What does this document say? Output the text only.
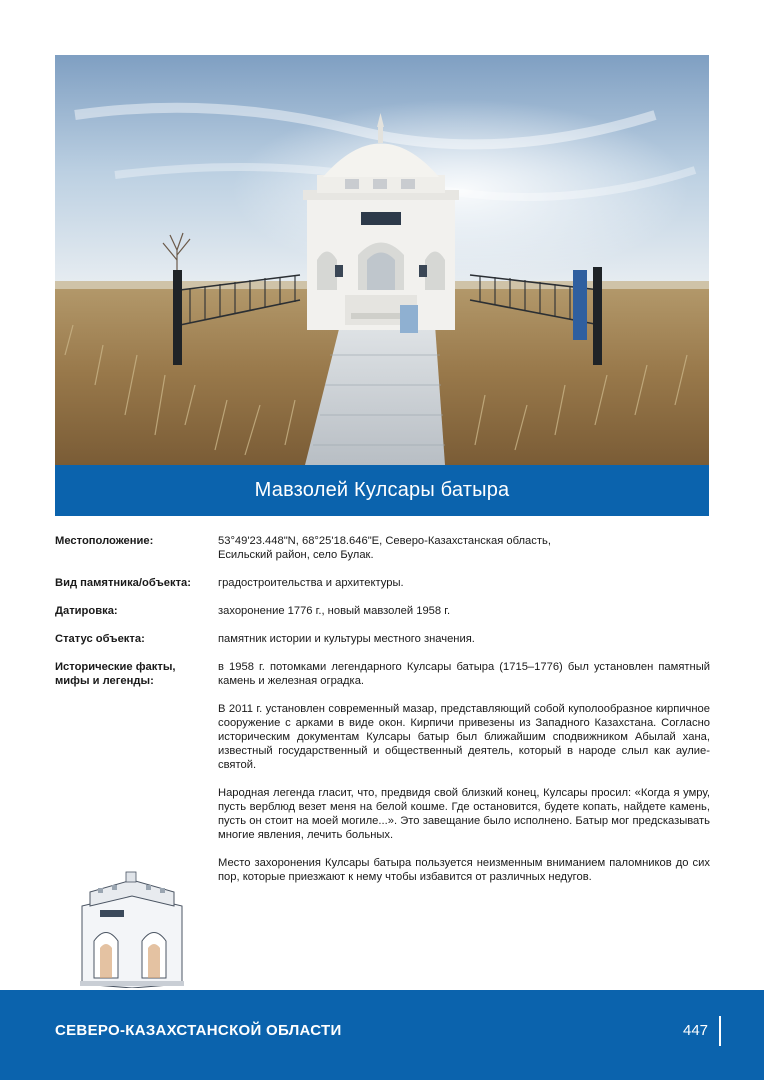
Мавзолей Кулсары батыра
Местоположение:	53°49'23.448"N, 68°25'18.646"E, Северо-Казахстанская область,
Есильский район, село Булак.
Вид памятника/объекта:	градостроительства и архитектуры.
Датировка:	захоронение 1776 г., новый мавзолей 1958 г.
Статус объекта:	памятник истории и культуры местного значения.
Исторические факты,
мифы и легенды:

в 1958 г. потомками легендарного Кулсары батыра (1715–1776) был установлен памятный камень и железная оградка.

В 2011 г. установлен современный мазар, представляющий собой куполообразное кирпичное сооружение с арками в виде окон. Кирпичи привезены из Западного Казахстана. Согласно историческим документам Кулсары батыр был ближайшим сподвижником Абылай хана, известный государственный и общественный деятель, который в народе слыл как аулие-святой.

Народная легенда гласит, что, предвидя свой близкий конец, Кулсары просил: «Когда я умру, пусть верблюд везет меня на белой кошме. Где остановится, будете копать, найдете камень, пусть он стоит на моей могиле...». Это завещание было исполнено. Батыр мог предсказывать многие явления, лечить больных.

Место захоронения Кулсары батыра пользуется неизменным вниманием паломников до сих пор, которые приезжают к нему чтобы избавится от различных недугов.

СЕВЕРО-КАЗАХСТАНСКОЙ ОБЛАСТИ	447
